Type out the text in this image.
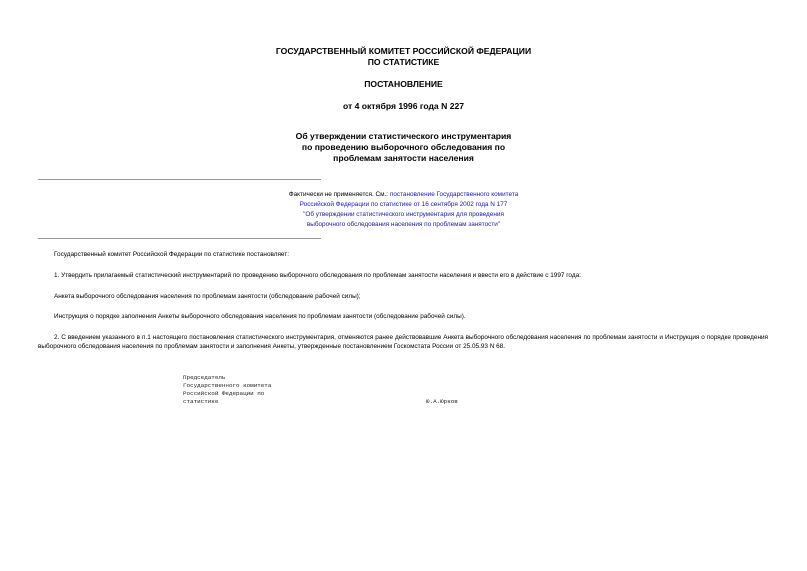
ГОСУДАРСТВЕННЫЙ КОМИТЕТ РОССИЙСКОЙ ФЕДЕРАЦИИ
ПО СТАТИСТИКЕ
ПОСТАНОВЛЕНИЕ
от 4 октября 1996 года N 227
Об утверждении статистического инструментария
по проведению выборочного обследования по
проблемам занятости населения
Фактически не применяется. См.: постановление Государственного комитета
Российской Федерации по статистике от 16 сентября 2002 года N 177
"Об утверждении статистического инструментария для проведения
выборочного обследования населения по проблемам занятости"
Государственный комитет Российской Федерации по статистике постановляет:
1. Утвердить прилагаемый статистический инструментарий по проведению выборочного обследования по проблемам занятости населения и ввести его в действие с 1997 года:
Анкета выборочного обследования населения по проблемам занятости (обследование рабочей силы);
Инструкция о порядке заполнения Анкеты выборочного обследования населения по проблемам занятости (обследование рабочей силы).
2. С введением указанного в п.1 настоящего постановления статистического инструментария, отменяются ранее действовавшие Анкета выборочного обследования населения по проблемам занятости и Инструкция о порядке проведения выборочного обследования населения по проблемам занятости и заполнения Анкеты, утвержденные постановлением Госкомстата России от 25.05.93 N 68.
Председатель
Государственного комитета
Российской Федерации по
статистике	Ю.А.Юрков
